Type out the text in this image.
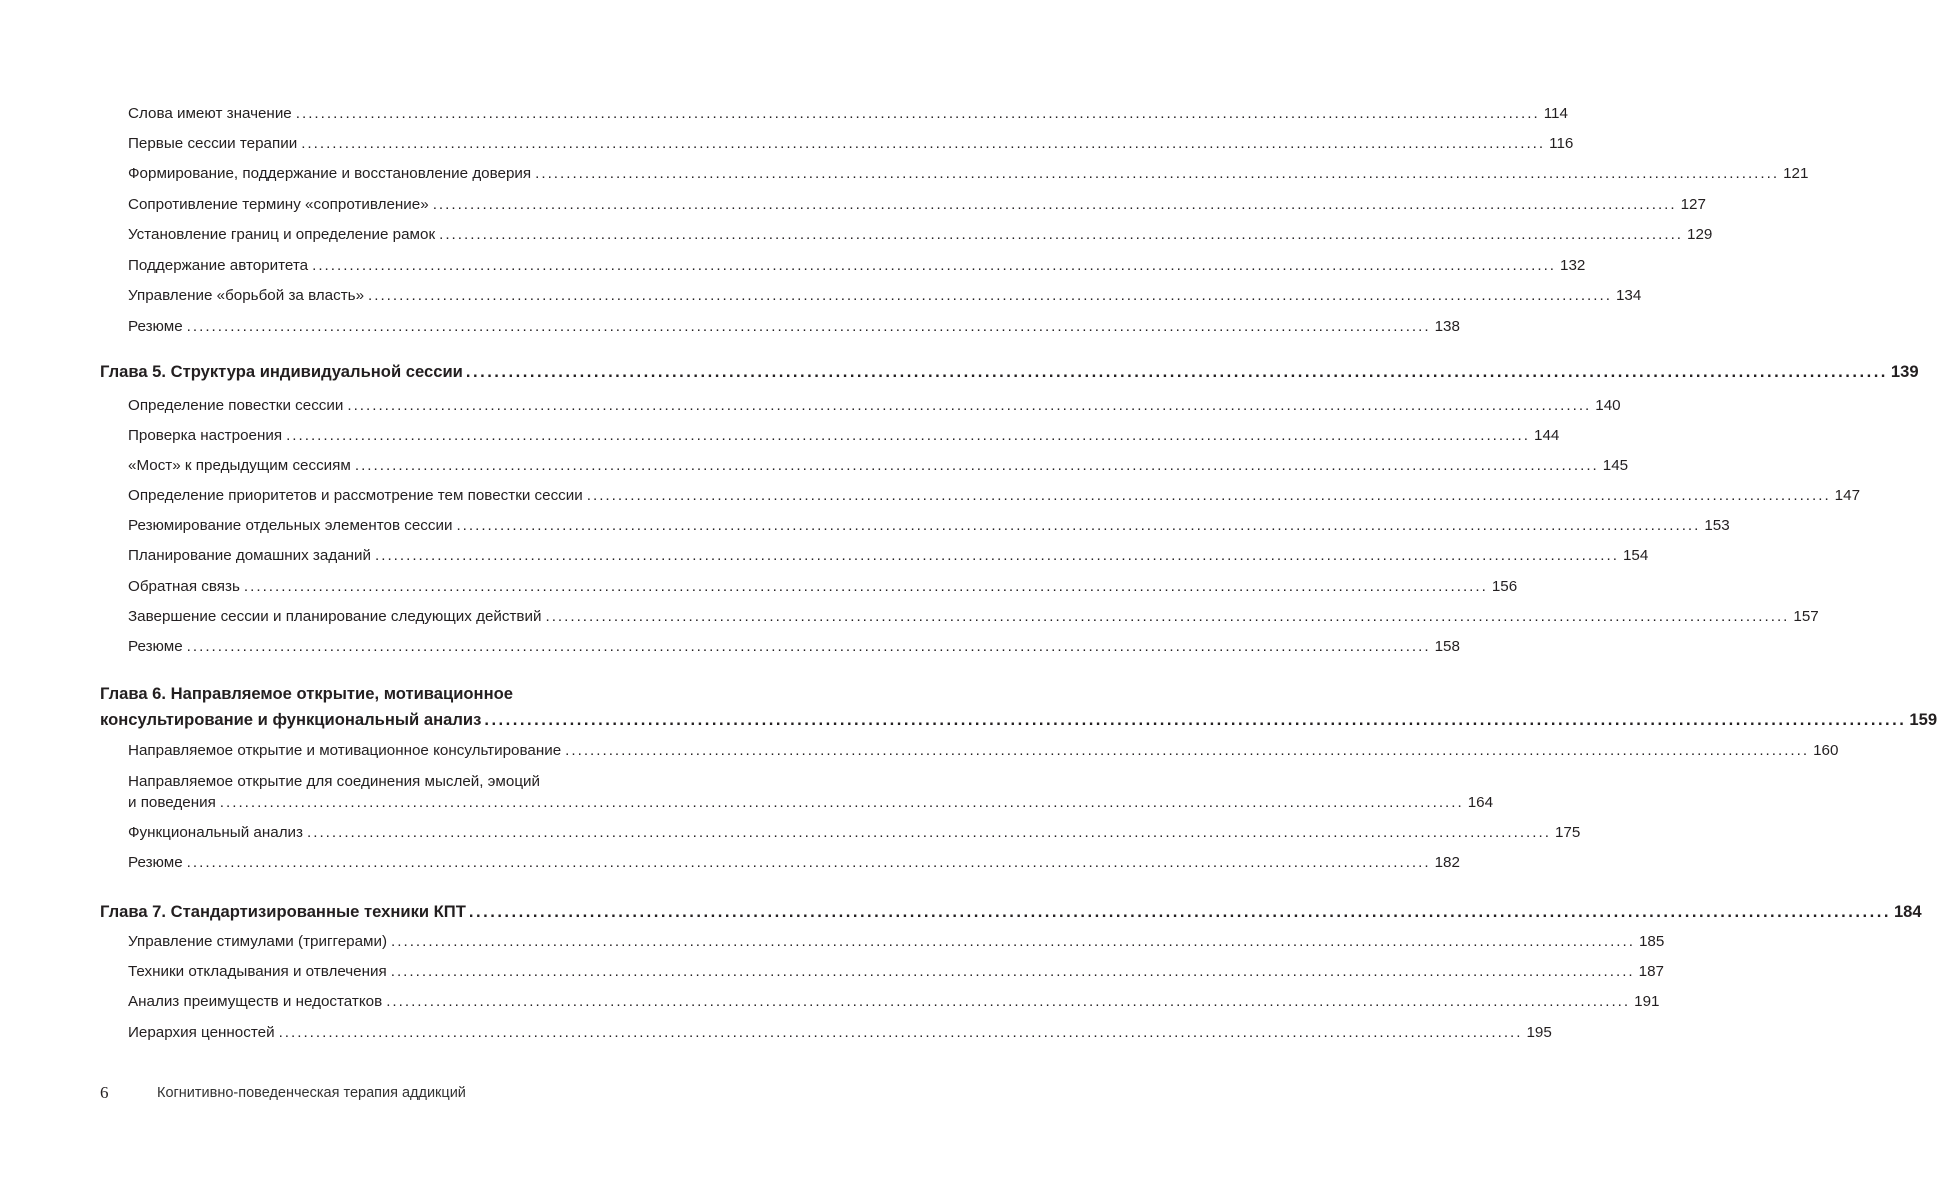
Слова имеют значение ........................................................................................................................................................................................................ 114
Первые сессии терапии ........................................................................................................................................................................................................ 116
Формирование, поддержание и восстановление доверия ........................................................................................................................................................................................................ 121
Сопротивление термину «сопротивление» ........................................................................................................................................................................................................ 127
Установление границ и определение рамок ........................................................................................................................................................................................................ 129
Поддержание авторитета ........................................................................................................................................................................................................ 132
Управление «борьбой за власть» ........................................................................................................................................................................................................ 134
Резюме ........................................................................................................................................................................................................ 138
Глава 5. Структура индивидуальной сессии ........................................................................................................................................................................................................ 139
Определение повестки сессии ........................................................................................................................................................................................................ 140
Проверка настроения ........................................................................................................................................................................................................ 144
«Мост» к предыдущим сессиям ........................................................................................................................................................................................................ 145
Определение приоритетов и рассмотрение тем повестки сессии ........................................................................................................................................................................................................ 147
Резюмирование отдельных элементов сессии ........................................................................................................................................................................................................ 153
Планирование домашних заданий ........................................................................................................................................................................................................ 154
Обратная связь ........................................................................................................................................................................................................ 156
Завершение сессии и планирование следующих действий ........................................................................................................................................................................................................ 157
Резюме ........................................................................................................................................................................................................ 158
Глава 6. Направляемое открытие, мотивационное
консультирование и функциональный анализ ........................................................................................................................................................................................................ 159
Направляемое открытие и мотивационное консультирование ........................................................................................................................................................................................................ 160
Направляемое открытие для соединения мыслей, эмоций
и поведения ........................................................................................................................................................................................................ 164
Функциональный анализ ........................................................................................................................................................................................................ 175
Резюме ........................................................................................................................................................................................................ 182
Глава 7. Стандартизированные техники КПТ ........................................................................................................................................................................................................ 184
Управление стимулами (триггерами) ........................................................................................................................................................................................................ 185
Техники откладывания и отвлечения ........................................................................................................................................................................................................ 187
Анализ преимуществ и недостатков ........................................................................................................................................................................................................ 191
Иерархия ценностей ........................................................................................................................................................................................................ 195
6	Когнитивно-поведенческая терапия аддикций
